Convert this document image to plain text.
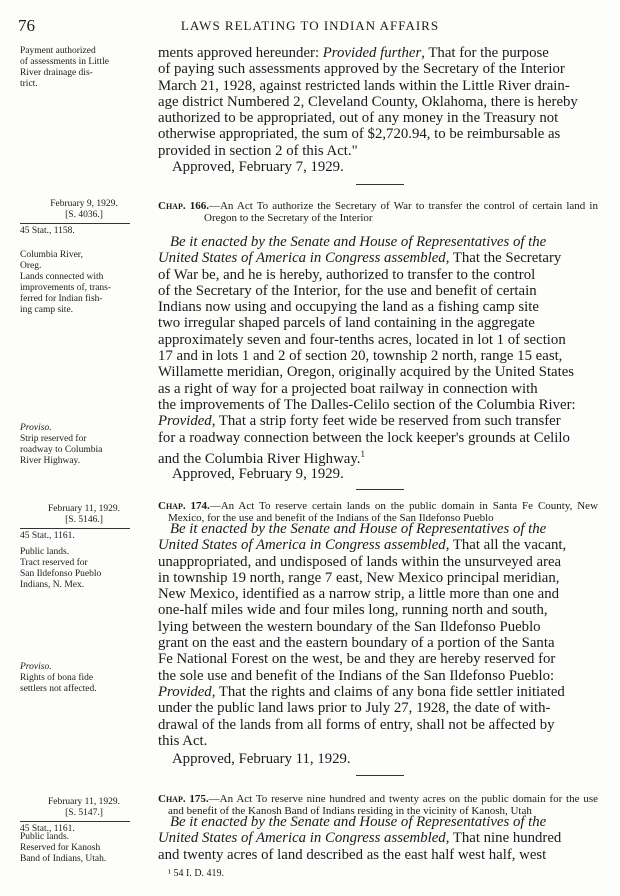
76	LAWS RELATING TO INDIAN AFFAIRS
Payment authorized
of assessments in Little
River drainage dis-
trict.

ments approved hereunder: Provided further, That for the purpose

of paying such assessments approved by the Secretary of the Interior

March 21, 1928, against restricted lands within the Little River drain-

age district Numbered 2, Cleveland County, Oklahoma, there is hereby

authorized to be appropriated, out of any money in the Treasury not

otherwise appropriated, the sum of $2,720.94, to be reimbursable as

provided in section 2 of this Act."

Approved, February 7, 1929.
February 9, 1929.
[S. 4036.]
45 Stat., 1158.
Chap. 166.—An Act To authorize the Secretary of War to transfer the control of certain land in Oregon to the Secretary of the Interior
Columbia River,
Oreg.
Lands connected with
improvements of, trans-
ferred for Indian fish-
ing camp site.

Be it enacted by the Senate and House of Representatives of the

United States of America in Congress assembled, That the Secretary

of War be, and he is hereby, authorized to transfer to the control

of the Secretary of the Interior, for the use and benefit of certain

Indians now using and occupying the land as a fishing camp site

two irregular shaped parcels of land containing in the aggregate

approximately seven and four-tenths acres, located in lot 1 of section

17 and in lots 1 and 2 of section 20, township 2 north, range 15 east,

Willamette meridian, Oregon, originally acquired by the United States

as a right of way for a projected boat railway in connection with

the improvements of The Dalles-Celilo section of the Columbia River:

Provided, That a strip forty feet wide be reserved from such transfer

for a roadway connection between the lock keeper's grounds at Celilo

and the Columbia River Highway.$^1$

Proviso.
Strip reserved for
roadway to Columbia
River Highway.
Approved, February 9, 1929.
February 11, 1929.
[S. 5146.]
45 Stat., 1161.
Chap. 174.—An Act To reserve certain lands on the public domain in Santa Fe County, New Mexico, for the use and benefit of the Indians of the San Ildefonso Pueblo
Public lands.
Tract reserved for
San Ildefonso Pueblo
Indians, N. Mex.

Be it enacted by the Senate and House of Representatives of the

United States of America in Congress assembled, That all the vacant,

unappropriated, and undisposed of lands within the unsurveyed area

in township 19 north, range 7 east, New Mexico principal meridian,

New Mexico, identified as a narrow strip, a little more than one and

one-half miles wide and four miles long, running north and south,

lying between the western boundary of the San Ildefonso Pueblo

grant on the east and the eastern boundary of a portion of the Santa

Fe National Forest on the west, be and they are hereby reserved for

the sole use and benefit of the Indians of the San Ildefonso Pueblo:

Provided, That the rights and claims of any bona fide settler initiated

under the public land laws prior to July 27, 1928, the date of with-

drawal of the lands from all forms of entry, shall not be affected by

this Act.

Proviso.
Rights of bona fide
settlers not affected.
Approved, February 11, 1929.
February 11, 1929.
[S. 5147.]
45 Stat., 1161.
Chap. 175.—An Act To reserve nine hundred and twenty acres on the public domain for the use and benefit of the Kanosh Band of Indians residing in the vicinity of Kanosh, Utah
Public lands.
Reserved for Kanosh
Band of Indians, Utah.

Be it enacted by the Senate and House of Representatives of the

United States of America in Congress assembled, That nine hundred

and twenty acres of land described as the east half west half, west

¹ 54 I. D. 419.
